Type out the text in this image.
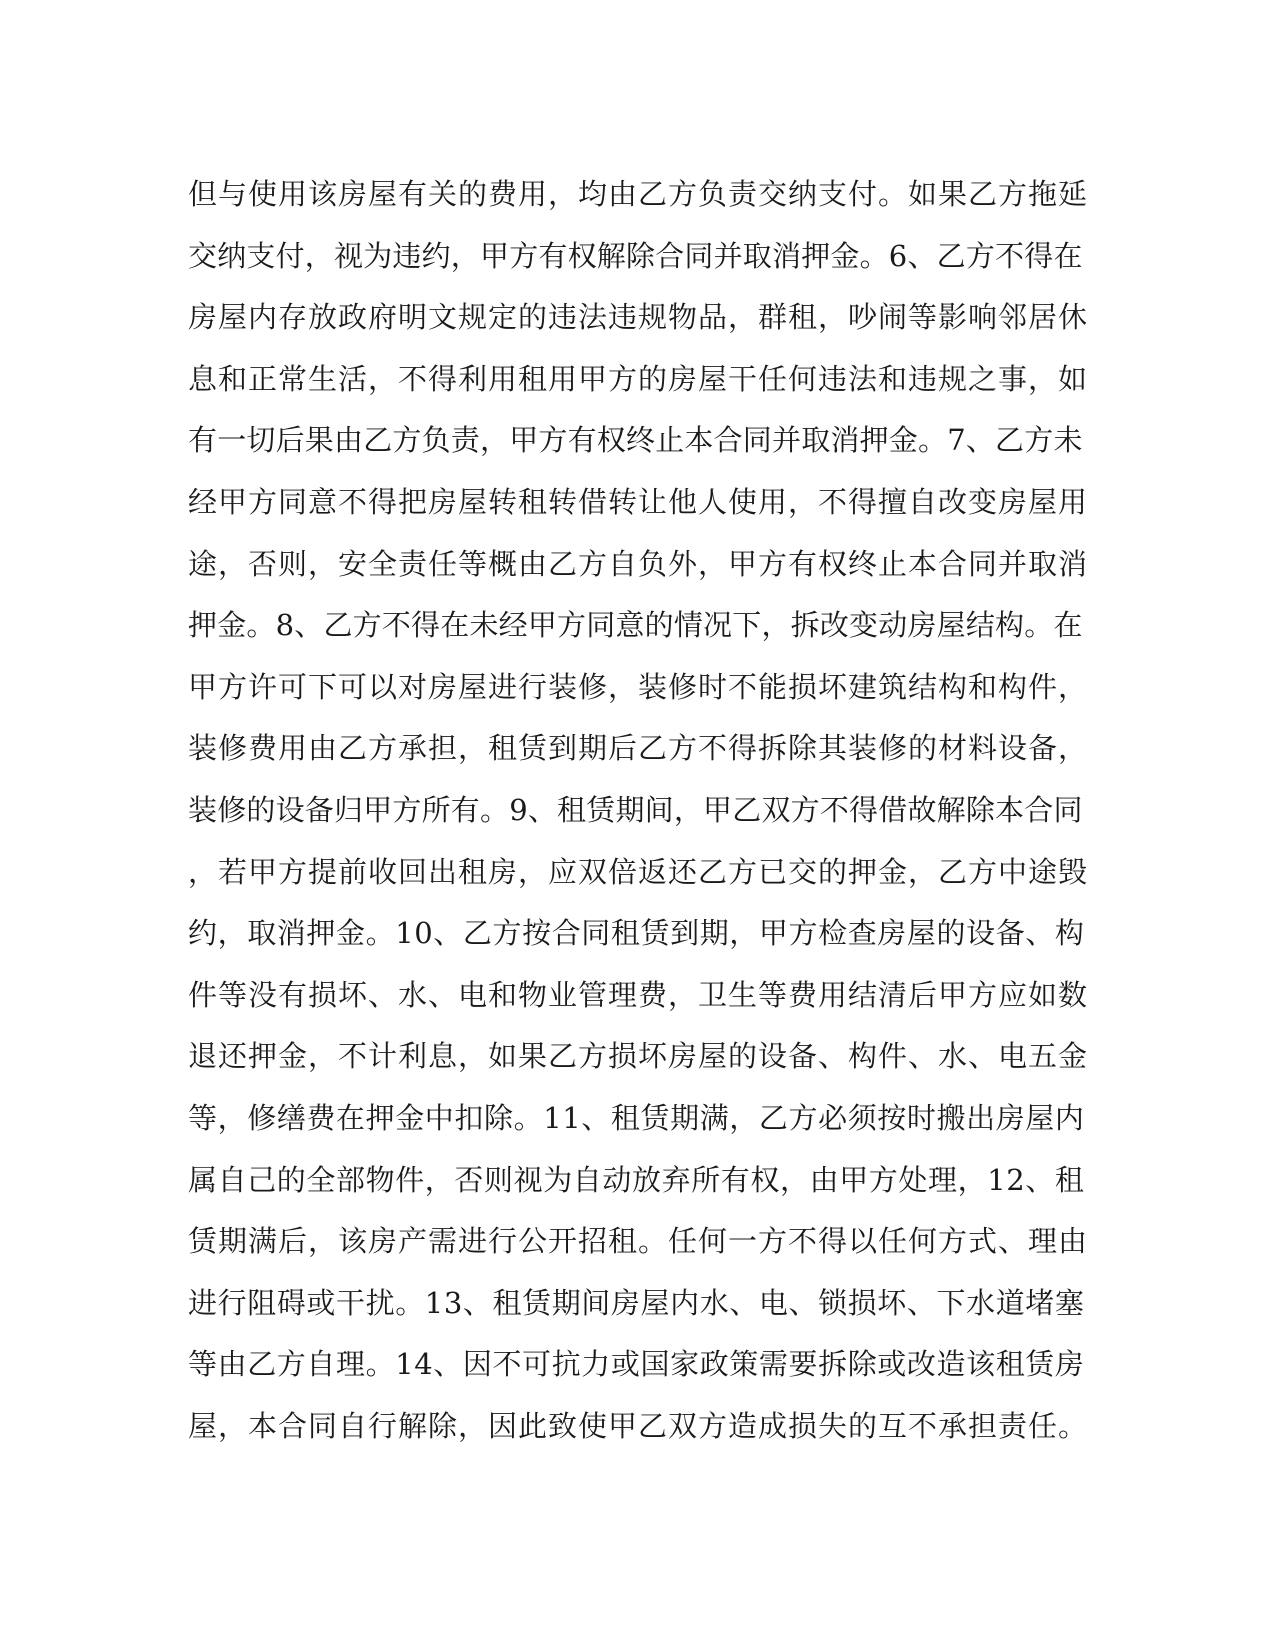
但与使用该房屋有关的费用，均由乙方负责交纳支付。如果乙方拖延
交纳支付，视为违约，甲方有权解除合同并取消押金。6、乙方不得在
房屋内存放政府明文规定的违法违规物品，群租，吵闹等影响邻居休
息和正常生活，不得利用租用甲方的房屋干任何违法和违规之事，如
有一切后果由乙方负责，甲方有权终止本合同并取消押金。7、乙方未
经甲方同意不得把房屋转租转借转让他人使用，不得擅自改变房屋用
途，否则，安全责任等概由乙方自负外，甲方有权终止本合同并取消
押金。8、乙方不得在未经甲方同意的情况下，拆改变动房屋结构。在
甲方许可下可以对房屋进行装修，装修时不能损坏建筑结构和构件，
装修费用由乙方承担，租赁到期后乙方不得拆除其装修的材料设备，
装修的设备归甲方所有。9、租赁期间，甲乙双方不得借故解除本合同
，若甲方提前收回出租房，应双倍返还乙方已交的押金，乙方中途毁
约，取消押金。10、乙方按合同租赁到期，甲方检查房屋的设备、构
件等没有损坏、水、电和物业管理费，卫生等费用结清后甲方应如数
退还押金，不计利息，如果乙方损坏房屋的设备、构件、水、电五金
等，修缮费在押金中扣除。11、租赁期满，乙方必须按时搬出房屋内
属自己的全部物件，否则视为自动放弃所有权，由甲方处理，12、租
赁期满后，该房产需进行公开招租。任何一方不得以任何方式、理由
进行阻碍或干扰。13、租赁期间房屋内水、电、锁损坏、下水道堵塞
等由乙方自理。14、因不可抗力或国家政策需要拆除或改造该租赁房
屋，本合同自行解除，因此致使甲乙双方造成损失的互不承担责任。
